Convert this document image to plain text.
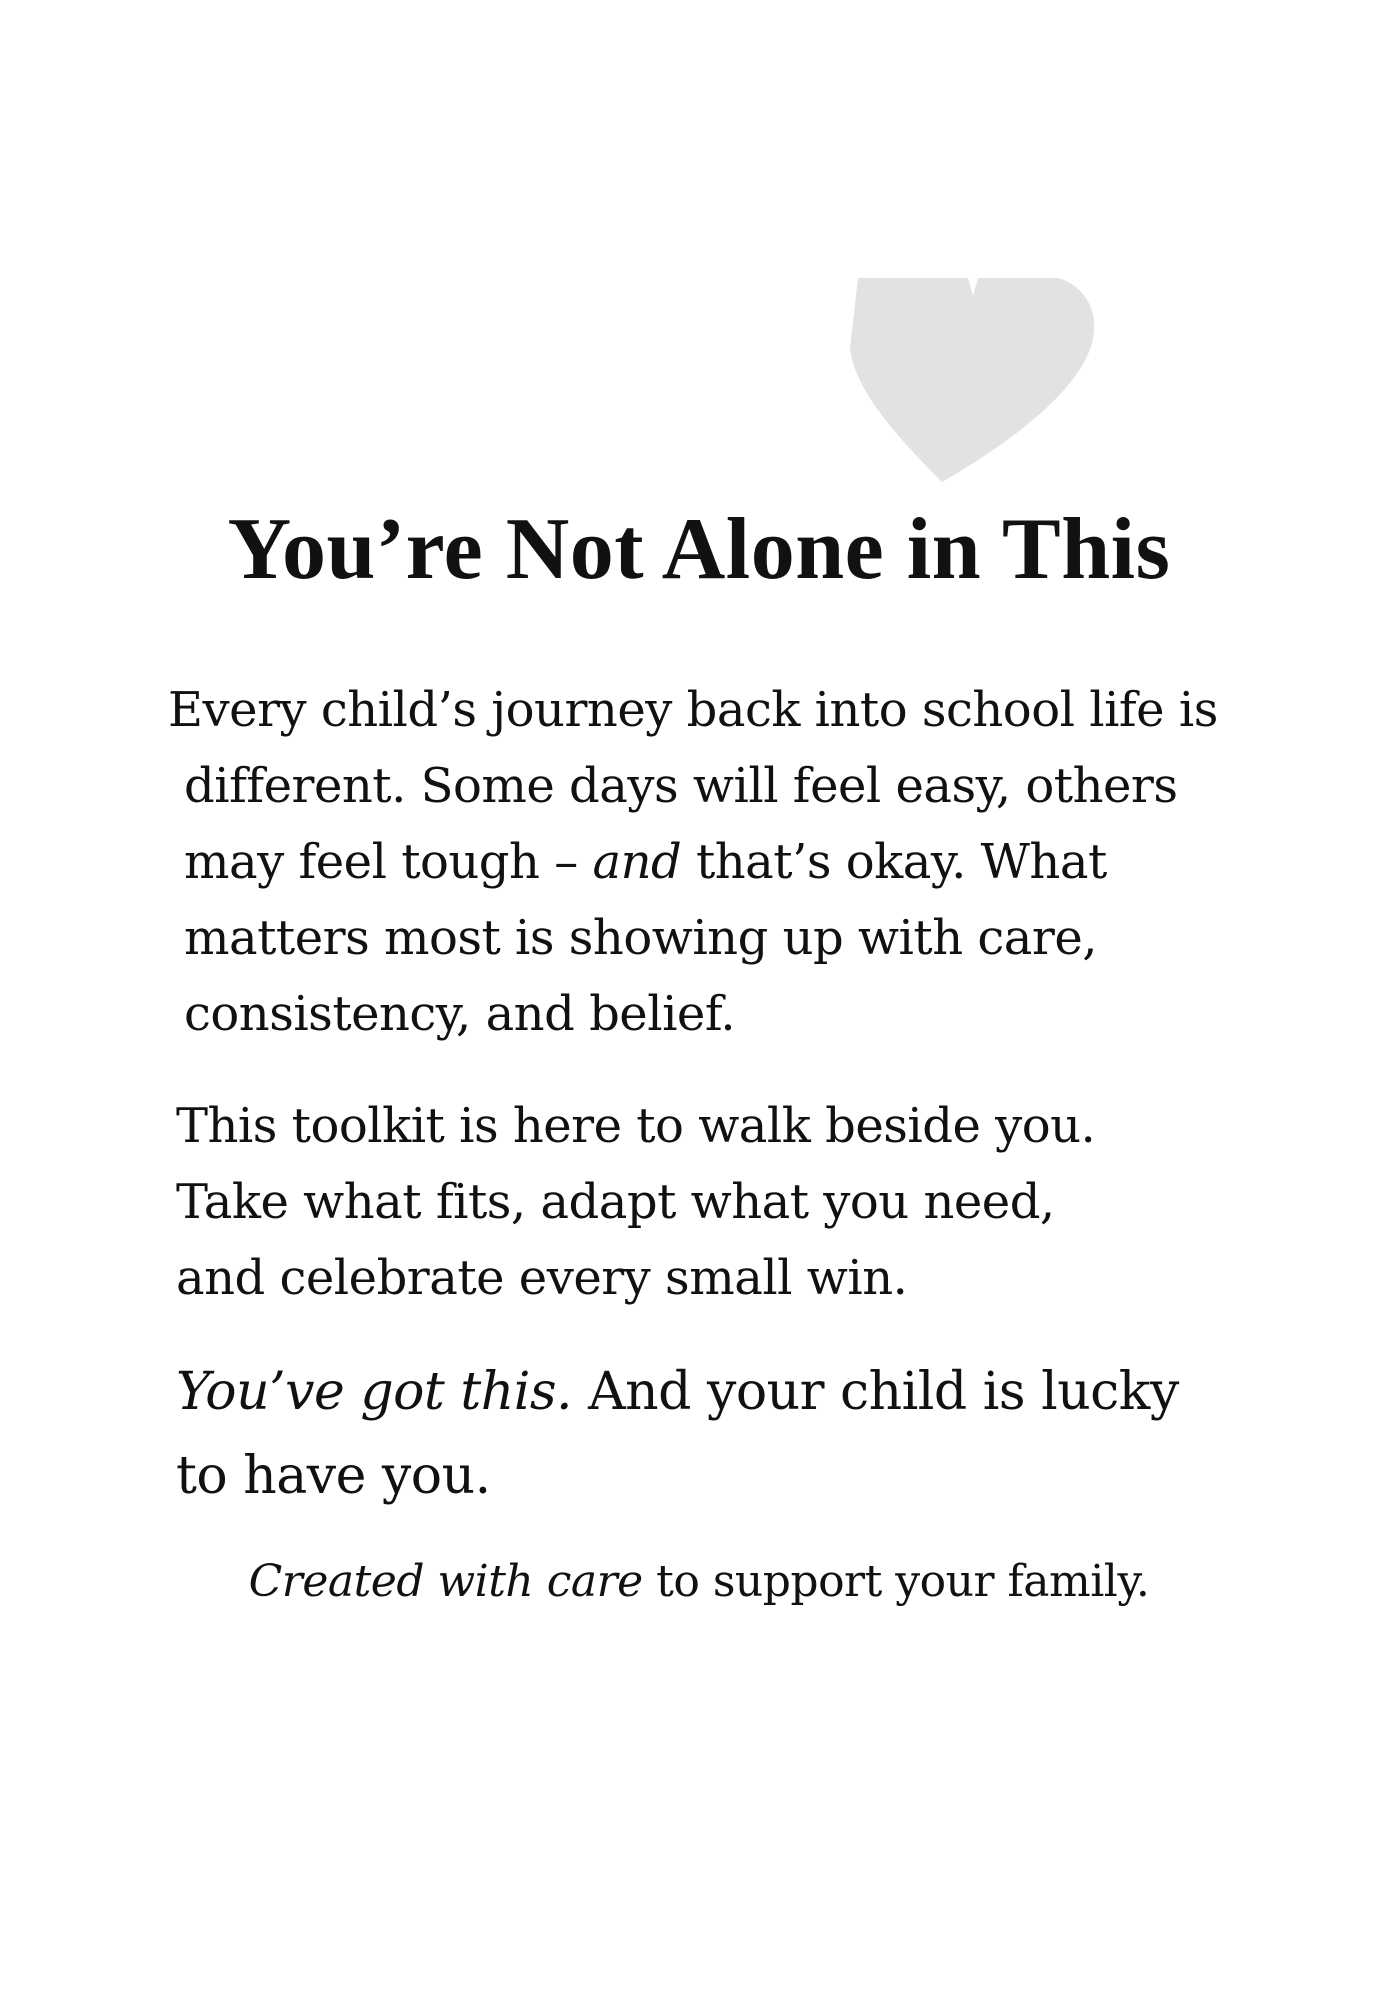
You’re Not Alone in This
Every child’s journey back into school life is
different. Some days will feel easy, others
may feel tough – and that’s okay. What
matters most is showing up with care,
consistency, and belief.
This toolkit is here to walk beside you.
Take what fits, adapt what you need,
and celebrate every small win.
You’ve got this. And your child is lucky
to have you.

Created with care to support your family.
